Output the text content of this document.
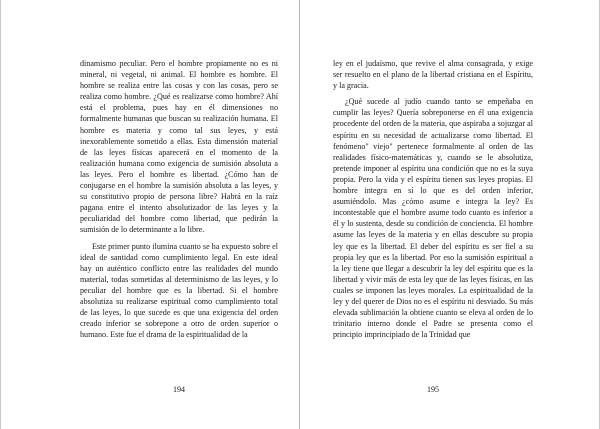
dinamismo peculiar. Pero el hombre propiamente no es ni mineral, ni vegetal, ni animal. El hombre es hombre. El hombre se realiza entre las cosas y con las cosas, pero se realiza como hombre. ¿Qué es realizarse como hombre? Ahí está el problema, pues hay en él dimensiones no formalmente humanas que buscan su realización humana. El hombre es materia y como tal sus leyes, y está inexorablemente sometido a ellas. Esta dimensión material de las leyes físicas aparecerá en el momento de la realización humana como exigencia de sumisión absoluta a las leyes. Pero el hombre es libertad. ¿Cómo han de conjugarse en el hombre la sumisión absoluta a las leyes, y su constitutivo propio de persona libre? Habrá en la raíz pagana entre el intento absolutizador de las leyes y la peculiaridad del hombre como libertad, que pedirán la sumisión de lo determinante a lo libre.

Este primer punto ilumina cuanto se ha expuesto sobre el ideal de santidad como cumplimiento legal. En este ideal hay un auténtico conflicto entre las realidades del mundo material, todas sometidas al determinismo de las leyes, y lo peculiar del hombre que es la libertad. Si el hombre absolutiza su realizarse espiritual como cumplimiento total de las leyes, lo que sucede es que una exigencia del orden creado inferior se sobrepone a otro de orden superior o humano. Este fue el drama de la espiritualidad de la

194

ley en el judaísmo, que revive el alma consagrada, y exige ser resuelto en el plano de la libertad cristiana en el Espíritu, y la gracia.

¿Qué sucede al judío cuando tanto se empeñaba en cumplir las leyes? Quería sobreponerse en él una exigencia procedente del orden de la materia, que aspiraba a sojuzgar al espíritu en su necesidad de actualizarse como libertad. El fenómeno" viejo" pertenece formalmente al orden de las realidades físico-matemáticas y, cuando se le absolutiza, pretende imponer al espíritu una condición que no es la suya propia. Pero la vida y el espíritu tienen sus leyes propias. El hombre integra en sí lo que es del orden inferior, asumiéndolo. Mas ¿cómo asume e integra la ley? Es incontestable que el hombre asume todo cuanto es inferior a él y lo sustenta, desde su condición de conciencia. El hombre asume las leyes de la materia y en ellas descubre su propia ley que es la libertad. El deber del espíritu es ser fiel a su propia ley que es la libertad. Por eso la sumisión espiritual a la ley tiene que llegar a descubrir la ley del espíritu que es la libertad y vivir más de esta ley que de las leyes físicas, en las cuales se imponen las leyes morales. La espiritualidad de la ley y del querer de Dios no es el espíritu ni desviado. Su más elevada sublimación la obtiene cuanto se eleva al orden de lo trinitario interno donde el Padre se presenta como el principio imprincipiado de la Trinidad que

195
